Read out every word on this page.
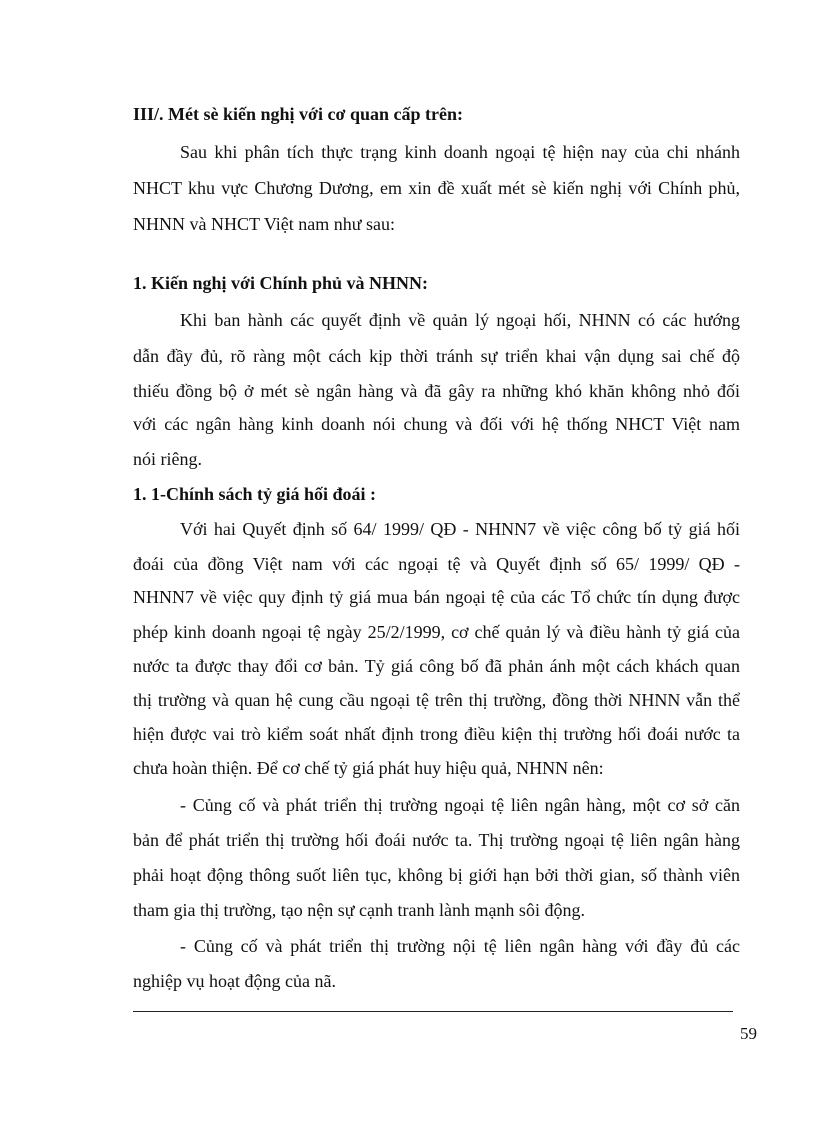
III/. Mét sè kiến nghị với cơ quan cấp trên:
Sau khi phân tích thực trạng kinh doanh ngoại tệ hiện nay của chi nhánh
NHCT khu vực Chương Dương, em xin đề xuất mét sè kiến nghị với Chính phủ,
NHNN và NHCT Việt nam như sau:
1. Kiến nghị với Chính phủ và NHNN:
Khi ban hành các quyết định về quản lý ngoại hối, NHNN có các hướng
dẫn đầy đủ, rõ ràng một cách kịp thời tránh sự triển khai vận dụng sai chế độ
thiếu đồng bộ ở mét sè ngân hàng và đã gây ra những khó khăn không nhỏ đối
với các ngân hàng kinh doanh nói chung và đối với hệ thống NHCT Việt nam
nói riêng.
1. 1-Chính sách tỷ giá hối đoái :
Với hai Quyết định số 64/ 1999/ QĐ - NHNN7 về việc công bố tỷ giá hối
đoái của đồng Việt nam với các ngoại tệ và Quyết định số 65/ 1999/ QĐ -
NHNN7 về việc quy định tỷ giá mua bán ngoại tệ của các Tổ chức tín dụng được
phép kinh doanh ngoại tệ ngày 25/2/1999, cơ chế quản lý và điều hành tỷ giá của
nước ta được thay đổi cơ bản. Tỷ giá công bố đã phản ánh một cách khách quan
thị trường và quan hệ cung cầu ngoại tệ trên thị trường, đồng thời NHNN vẫn thể
hiện được vai trò kiểm soát nhất định trong điều kiện thị trường hối đoái nước ta
chưa hoàn thiện. Để cơ chế tỷ giá phát huy hiệu quả, NHNN nên:
- Củng cố và phát triển thị trường ngoại tệ liên ngân hàng, một cơ sở căn
bản để phát triển thị trường hối đoái nước ta. Thị trường ngoại tệ liên ngân hàng
phải hoạt động thông suốt liên tục, không bị giới hạn bởi thời gian, số thành viên
tham gia thị trường, tạo nện sự cạnh tranh lành mạnh sôi động.
- Củng cố và phát triển thị trường nội tệ liên ngân hàng với đầy đủ các
nghiệp vụ hoạt động của nã.
59
